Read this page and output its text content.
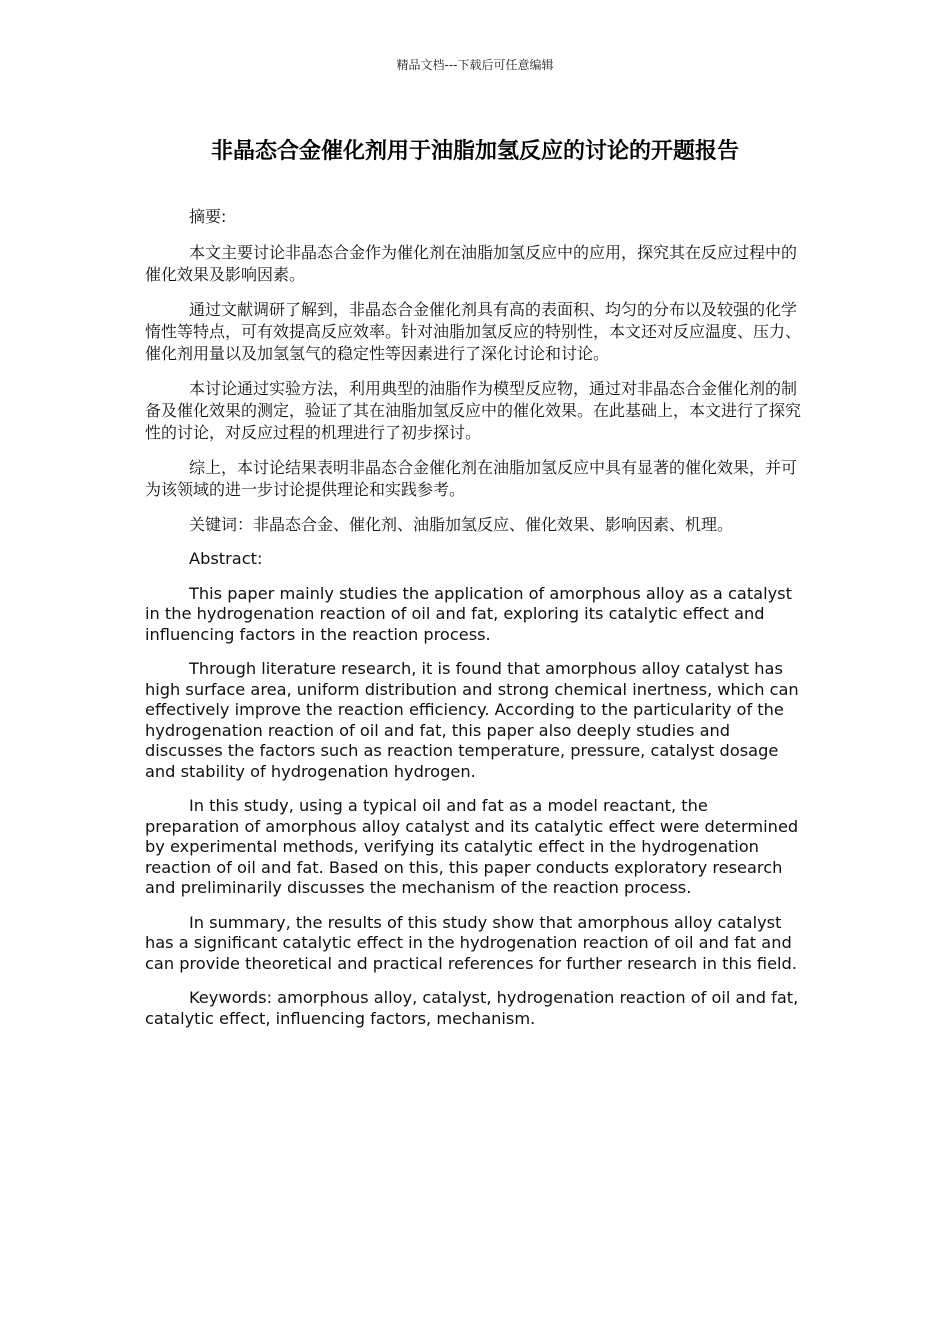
精品文档---下载后可任意编辑
非晶态合金催化剂用于油脂加氢反应的讨论的开题报告

摘要:

本文主要讨论非晶态合金作为催化剂在油脂加氢反应中的应用，探究其在反应过程中的催化效果及影响因素。

通过文献调研了解到，非晶态合金催化剂具有高的表面积、均匀的分布以及较强的化学惰性等特点，可有效提高反应效率。针对油脂加氢反应的特别性，本文还对反应温度、压力、催化剂用量以及加氢氢气的稳定性等因素进行了深化讨论和讨论。

本讨论通过实验方法，利用典型的油脂作为模型反应物，通过对非晶态合金催化剂的制备及催化效果的测定，验证了其在油脂加氢反应中的催化效果。在此基础上，本文进行了探究性的讨论，对反应过程的机理进行了初步探讨。

综上，本讨论结果表明非晶态合金催化剂在油脂加氢反应中具有显著的催化效果，并可为该领域的进一步讨论提供理论和实践参考。

关键词：非晶态合金、催化剂、油脂加氢反应、催化效果、影响因素、机理。

Abstract:

This paper mainly studies the application of amorphous alloy as a catalyst in the hydrogenation reaction of oil and fat, exploring its catalytic effect and influencing factors in the reaction process.

Through literature research, it is found that amorphous alloy catalyst has high surface area, uniform distribution and strong chemical inertness, which can effectively improve the reaction efficiency. According to the particularity of the hydrogenation reaction of oil and fat, this paper also deeply studies and discusses the factors such as reaction temperature, pressure, catalyst dosage and stability of hydrogenation hydrogen.

In this study, using a typical oil and fat as a model reactant, the preparation of amorphous alloy catalyst and its catalytic effect were determined by experimental methods, verifying its catalytic effect in the hydrogenation reaction of oil and fat. Based on this, this paper conducts exploratory research and preliminarily discusses the mechanism of the reaction process.

In summary, the results of this study show that amorphous alloy catalyst has a significant catalytic effect in the hydrogenation reaction of oil and fat and can provide theoretical and practical references for further research in this field.

Keywords: amorphous alloy, catalyst, hydrogenation reaction of oil and fat, catalytic effect, influencing factors, mechanism.
